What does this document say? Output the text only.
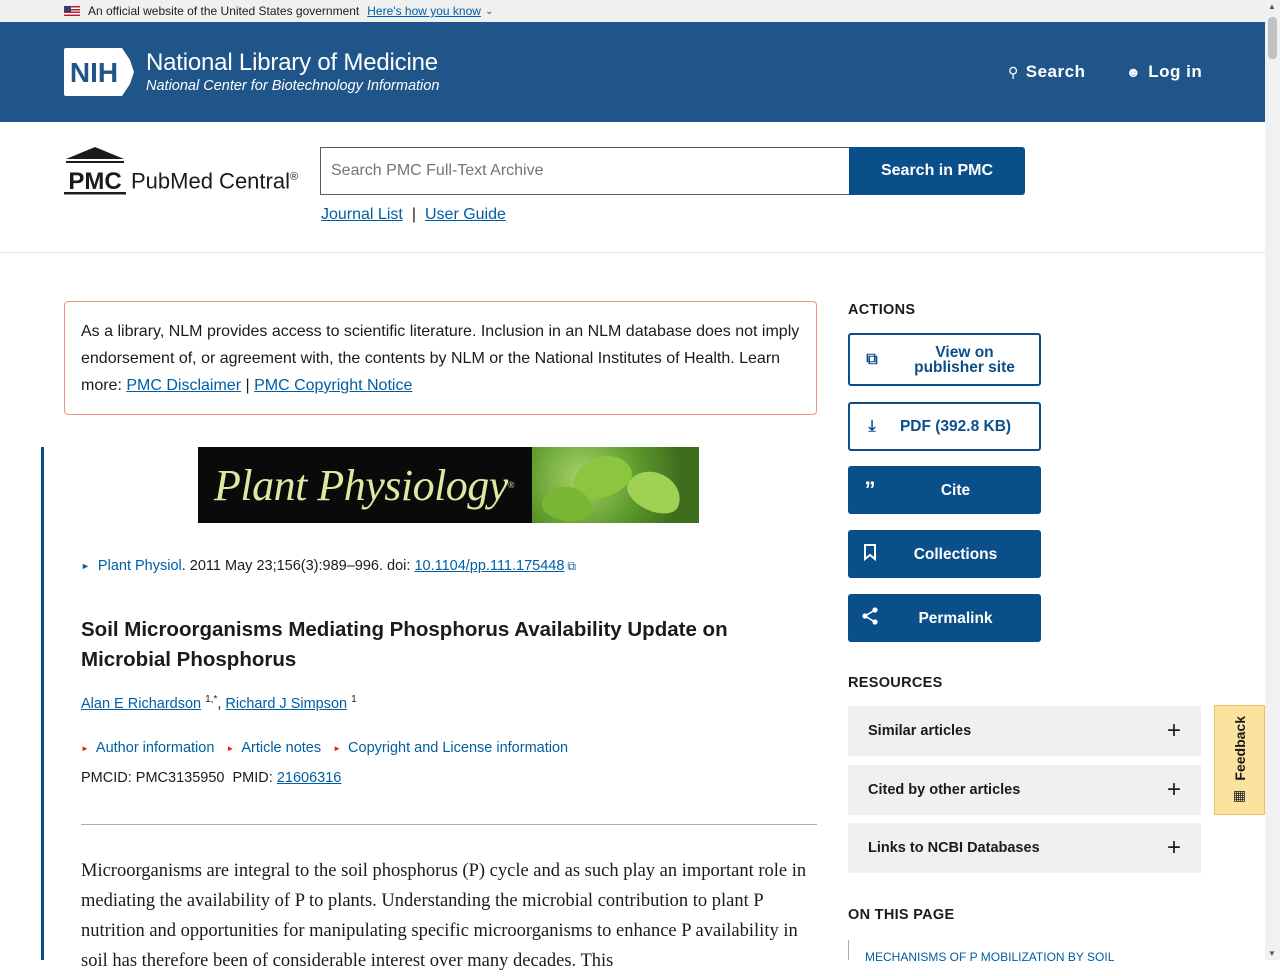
An official website of the United States government Here's how you know ⌄
NIH National Library of Medicine
National Center for Biotechnology Information
⚲ Search	☻ Log in
PMC PubMed Central®
Search PMC Full-Text Archive	Search in PMC
Journal List | User Guide
As a library, NLM provides access to scientific literature. Inclusion in an NLM database does not imply endorsement of, or agreement with, the contents by NLM or the National Institutes of Health. Learn more: PMC Disclaimer | PMC Copyright Notice
Plant Physiology ®
► Plant Physiol . 2011 May 23;156(3):989–996. doi: 10.1104/pp.111.175448 ⧉
Soil Microorganisms Mediating Phosphorus Availability Update on Microbial Phosphorus
Alan E Richardson $^{1,*}$, Richard J Simpson $^1$
► Author information ► Article notes ► Copyright and License information
PMCID: PMC3135950 PMID: 21606316
Microorganisms are integral to the soil phosphorus (P) cycle and as such play an important role in mediating the availability of P to plants. Understanding the microbial contribution to plant P nutrition and opportunities for manipulating specific microorganisms to enhance P availability in soil has therefore been of considerable interest over many decades. This
ACTIONS
⧉	View on publisher site
⤓	PDF (392.8 KB)
”	Cite
Collections
Permalink
RESOURCES
Similar articles	+
Cited by other articles	+
Links to NCBI Databases	+
ON THIS PAGE
MECHANISMS OF P MOBILIZATION BY SOIL
Feedback
▦
▲
▼
